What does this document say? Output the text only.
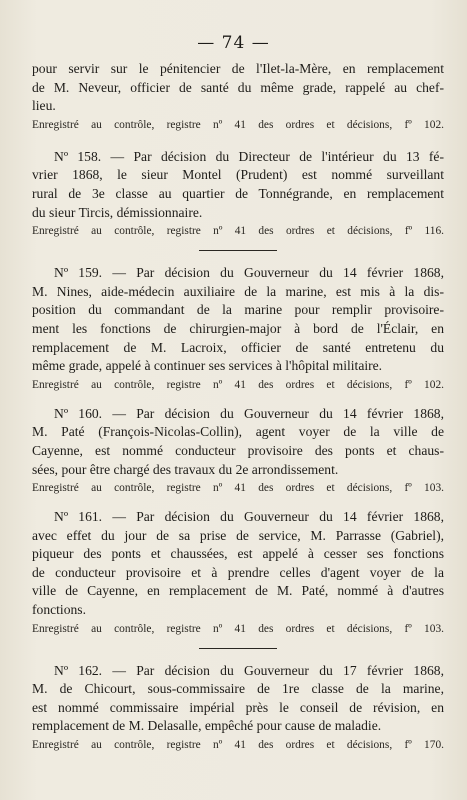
— 74 —
pour servir sur le pénitencier de l'Ilet-la-Mère, en remplacement
de M. Neveur, officier de santé du même grade, rappelé au chef-
lieu.
Enregistré au contrôle, registre nº 41 des ordres et décisions, fº 102.
Nº 158. — Par décision du Directeur de l'intérieur du 13 fé-
vrier 1868, le sieur Montel (Prudent) est nommé surveillant
rural de 3e classe au quartier de Tonnégrande, en remplacement
du sieur Tircis, démissionnaire.
Enregistré au contrôle, registre nº 41 des ordres et décisions, fº 116.
Nº 159. — Par décision du Gouverneur du 14 février 1868,
M. Nines, aide-médecin auxiliaire de la marine, est mis à la dis-
position du commandant de la marine pour remplir provisoire-
ment les fonctions de chirurgien-major à bord de l'Éclair, en
remplacement de M. Lacroix, officier de santé entretenu du
même grade, appelé à continuer ses services à l'hôpital militaire.
Enregistré au contrôle, registre nº 41 des ordres et décisions, fº 102.
Nº 160. — Par décision du Gouverneur du 14 février 1868,
M. Paté (François-Nicolas-Collin), agent voyer de la ville de
Cayenne, est nommé conducteur provisoire des ponts et chaus-
sées, pour être chargé des travaux du 2e arrondissement.
Enregistré au contrôle, registre nº 41 des ordres et décisions, fº 103.
Nº 161. — Par décision du Gouverneur du 14 février 1868,
avec effet du jour de sa prise de service, M. Parrasse (Gabriel),
piqueur des ponts et chaussées, est appelé à cesser ses fonctions
de conducteur provisoire et à prendre celles d'agent voyer de la
ville de Cayenne, en remplacement de M. Paté, nommé à d'autres
fonctions.
Enregistré au contrôle, registre nº 41 des ordres et décisions, fº 103.
Nº 162. — Par décision du Gouverneur du 17 février 1868,
M. de Chicourt, sous-commissaire de 1re classe de la marine,
est nommé commissaire impérial près le conseil de révision, en
remplacement de M. Delasalle, empêché pour cause de maladie.
Enregistré au contrôle, registre nº 41 des ordres et décisions, fº 170.
